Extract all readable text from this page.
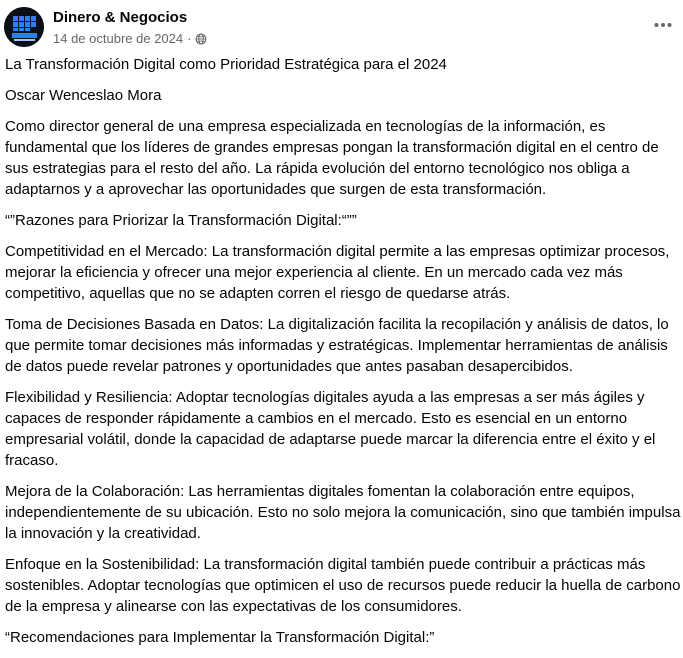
Dinero & Negocios
14 de octubre de 2024 ·

La Transformación Digital como Prioridad Estratégica para el 2024

Oscar Wenceslao Mora

Como director general de una empresa especializada en tecnologías de la información, es fundamental que los líderes de grandes empresas pongan la transformación digital en el centro de sus estrategias para el resto del año. La rápida evolución del entorno tecnológico nos obliga a adaptarnos y a aprovechar las oportunidades que surgen de esta transformación.

“”Razones para Priorizar la Transformación Digital:“””

Competitividad en el Mercado: La transformación digital permite a las empresas optimizar procesos, mejorar la eficiencia y ofrecer una mejor experiencia al cliente. En un mercado cada vez más competitivo, aquellas que no se adapten corren el riesgo de quedarse atrás.

Toma de Decisiones Basada en Datos: La digitalización facilita la recopilación y análisis de datos, lo que permite tomar decisiones más informadas y estratégicas. Implementar herramientas de análisis de datos puede revelar patrones y oportunidades que antes pasaban desapercibidos.

Flexibilidad y Resiliencia: Adoptar tecnologías digitales ayuda a las empresas a ser más ágiles y capaces de responder rápidamente a cambios en el mercado. Esto es esencial en un entorno empresarial volátil, donde la capacidad de adaptarse puede marcar la diferencia entre el éxito y el fracaso.

Mejora de la Colaboración: Las herramientas digitales fomentan la colaboración entre equipos, independientemente de su ubicación. Esto no solo mejora la comunicación, sino que también impulsa la innovación y la creatividad.

Enfoque en la Sostenibilidad: La transformación digital también puede contribuir a prácticas más sostenibles. Adoptar tecnologías que optimicen el uso de recursos puede reducir la huella de carbono de la empresa y alinearse con las expectativas de los consumidores.

“Recomendaciones para Implementar la Transformación Digital:”
